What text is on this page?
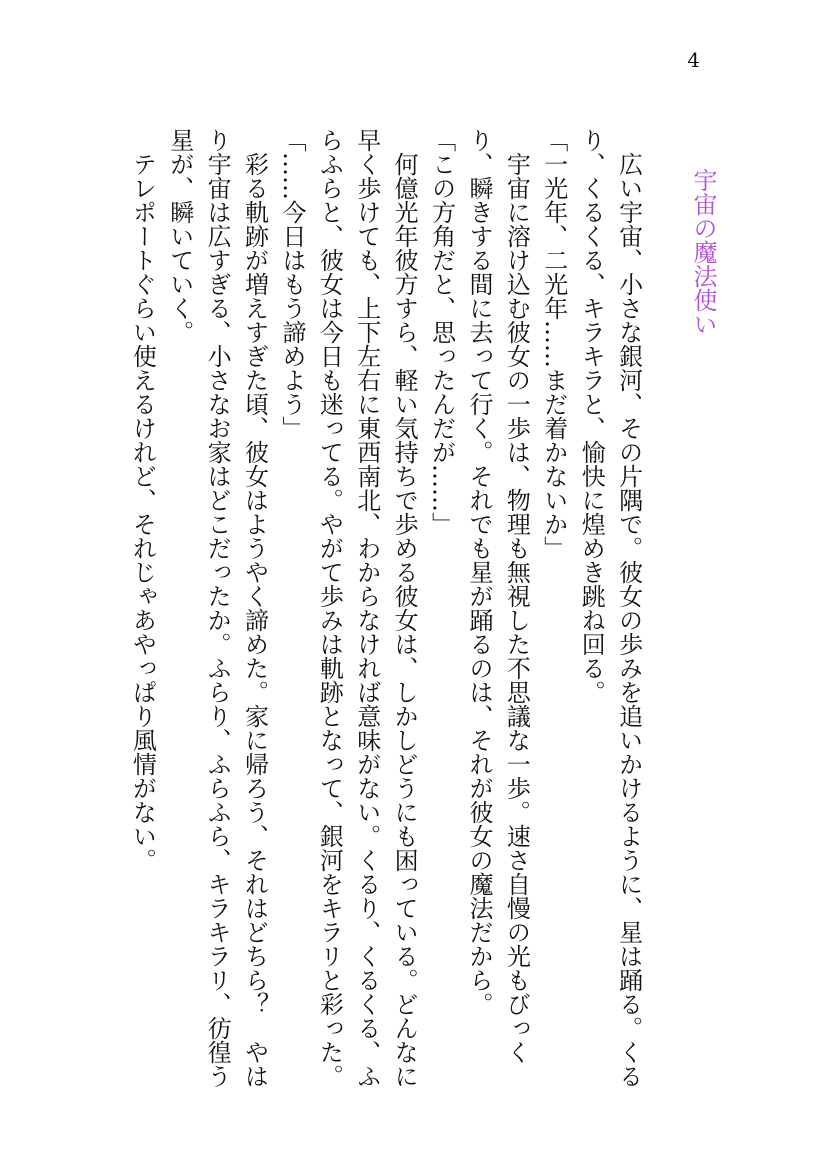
4
宇宙の魔法使い

広い宇宙、小さな銀河、その片隅で。彼女の歩みを追いかけるように、星は踊る。くるり、くるくる、キラキラと、愉快に煌めき跳ね回る。

「一光年、二光年……まだ着かないか」

宇宙に溶け込む彼女の一歩は、物理も無視した不思議な一歩。速さ自慢の光もびっくり、瞬きする間に去って行く。それでも星が踊るのは、それが彼女の魔法だから。

「この方角だと、思ったんだが……」

何億光年彼方すら、軽い気持ちで歩める彼女は、しかしどうにも困っている。どんなに早く歩けても、上下左右に東西南北、わからなければ意味がない。くるり、くるくる、ふらふらと、彼女は今日も迷ってる。やがて歩みは軌跡となって、銀河をキラリと彩った。

「……今日はもう諦めよう」

彩る軌跡が増えすぎた頃、彼女はようやく諦めた。家に帰ろう、それはどちら？　やはり宇宙は広すぎる、小さなお家はどこだったか。ふらり、ふらふら、キラキラリ、彷徨う星が、瞬いていく。

テレポートぐらい使えるけれど、それじゃあやっぱり風情がない。
